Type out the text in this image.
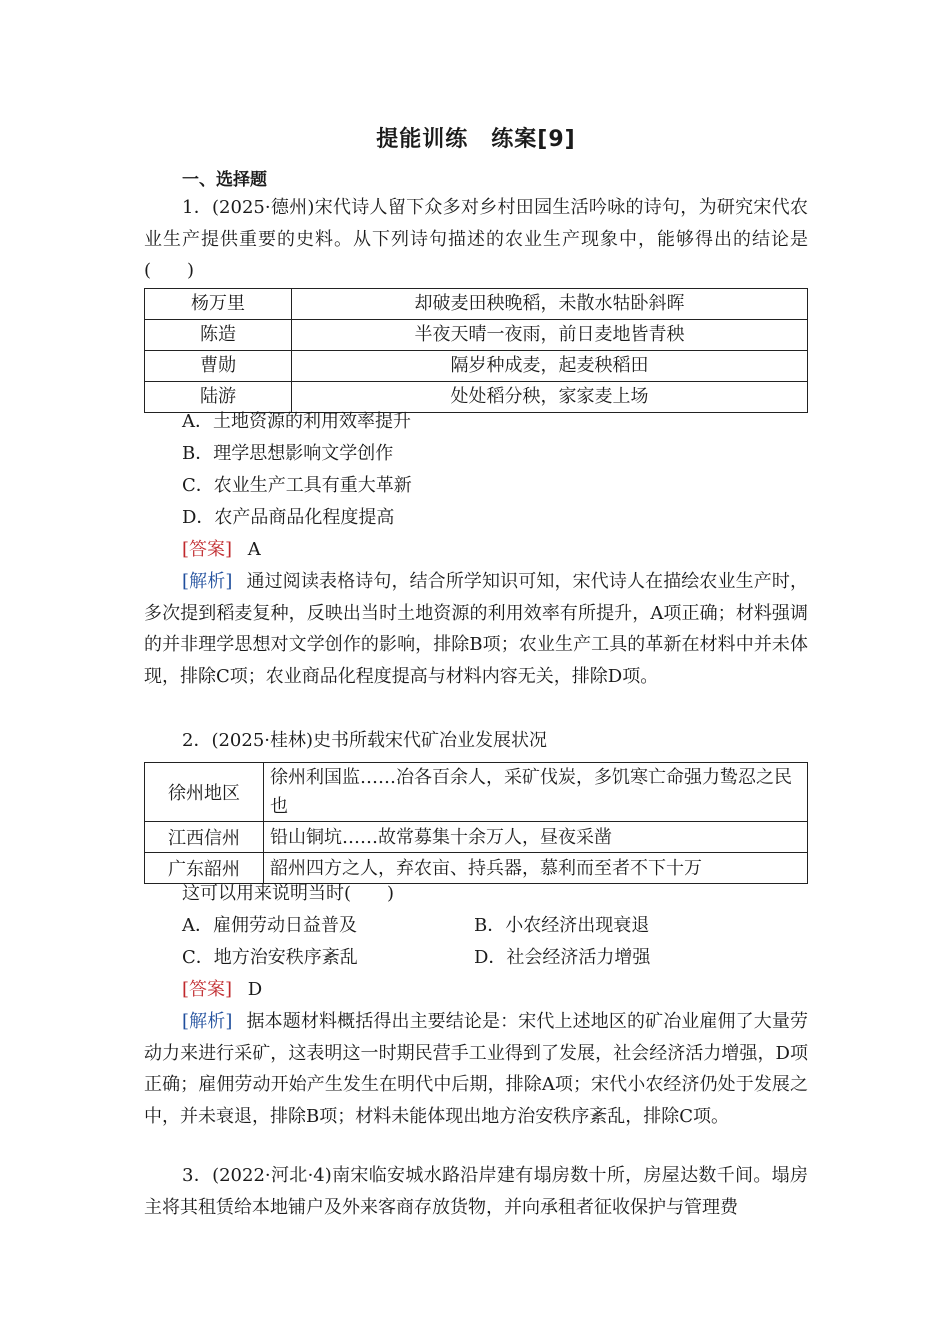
提能训练　练案[9]
一、选择题
1．(2025·德州)宋代诗人留下众多对乡村田园生活吟咏的诗句，为研究宋代农业生产提供重要的史料。从下列诗句描述的农业生产现象中，能够得出的结论是(　　)
杨万里	却破麦田秧晚稻，未散水牯卧斜晖
陈造	半夜天晴一夜雨，前日麦地皆青秧
曹勋	隔岁种成麦，起麦秧稻田
陆游	处处稻分秧，家家麦上场
A．土地资源的利用效率提升
B．理学思想影响文学创作
C．农业生产工具有重大革新
D．农产品商品化程度提高
[答案] A
[解析] 通过阅读表格诗句，结合所学知识可知，宋代诗人在描绘农业生产时，多次提到稻麦复种，反映出当时土地资源的利用效率有所提升，A项正确；材料强调的并非理学思想对文学创作的影响，排除B项；农业生产工具的革新在材料中并未体现，排除C项；农业商品化程度提高与材料内容无关，排除D项。
2．(2025·桂林)史书所载宋代矿冶业发展状况
徐州地区	徐州利国监……冶各百余人，采矿伐炭，多饥寒亡命强力鸷忍之民也
江西信州	铅山铜坑……故常募集十余万人，昼夜采凿
广东韶州	韶州四方之人，弃农亩、持兵器，慕利而至者不下十万
这可以用来说明当时(　　)
A．雇佣劳动日益普及	B．小农经济出现衰退
C．地方治安秩序紊乱	D．社会经济活力增强
[答案] D
[解析] 据本题材料概括得出主要结论是：宋代上述地区的矿冶业雇佣了大量劳动力来进行采矿，这表明这一时期民营手工业得到了发展，社会经济活力增强，D项正确；雇佣劳动开始产生发生在明代中后期，排除A项；宋代小农经济仍处于发展之中，并未衰退，排除B项；材料未能体现出地方治安秩序紊乱，排除C项。
3．(2022·河北·4)南宋临安城水路沿岸建有塌房数十所，房屋达数千间。塌房主将其租赁给本地铺户及外来客商存放货物，并向承租者征收保护与管理费
